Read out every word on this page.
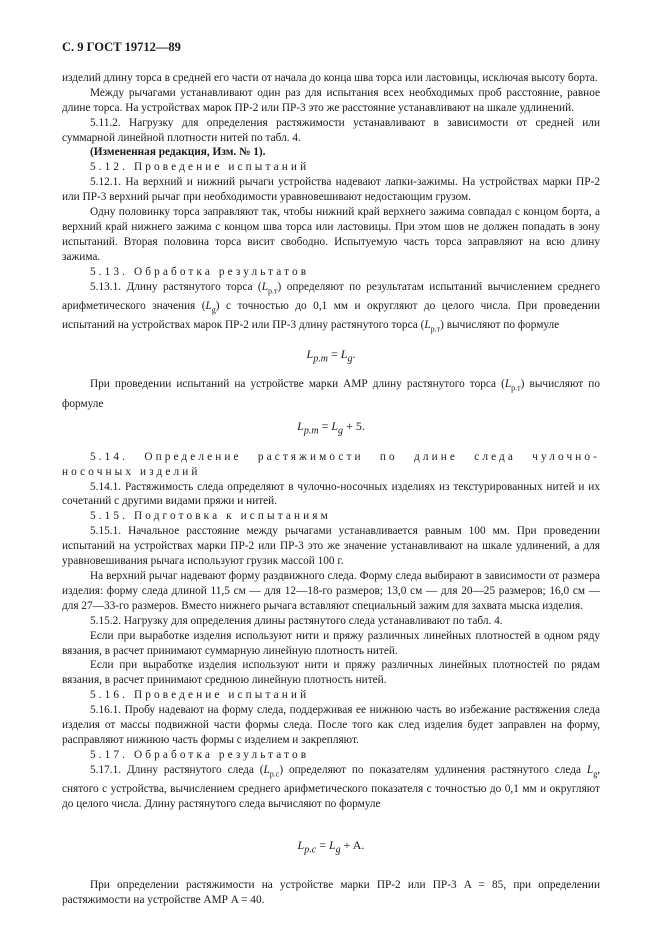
С. 9 ГОСТ 19712—89

изделий длину торса в средней его части от начала до конца шва торса или ластовицы, исключая высоту борта.

Между рычагами устанавливают один раз для испытания всех необходимых проб расстояние, равное длине торса. На устройствах марок ПР-2 или ПР-3 это же расстояние устанавливают на шкале удлинений.

5.11.2. Нагрузку для определения растяжимости устанавливают в зависимости от средней или суммарной линейной плотности нитей по табл. 4.

(Измененная редакция, Изм. № 1).

5.12. Проведение испытаний

5.12.1. На верхний и нижний рычаги устройства надевают лапки-зажимы. На устройствах марки ПР-2 или ПР-3 верхний рычаг при необходимости уравновешивают недостающим грузом.

Одну половинку торса заправляют так, чтобы нижний край верхнего зажима совпадал с концом борта, а верхний край нижнего зажима с концом шва торса или ластовицы. При этом шов не должен попадать в зону испытаний. Вторая половина торса висит свободно. Испытуемую часть торса заправляют на всю длину зажима.

5.13. Обработка результатов

5.13.1. Длину растянутого торса $(L_{р.т})$ определяют по результатам испытаний вычислением среднего арифметического значения $(L_g)$ с точностью до 0,1 мм и округляют до целого числа. При проведении испытаний на устройствах марок ПР-2 или ПР-3 длину растянутого торса $(L_{р.т})$ вычисляют по формуле

$L_{р.т} = L_g$.

При проведении испытаний на устройстве марки АМР длину растянутого торса $(L_{р.т})$ вычисляют по формуле

$L_{р.т} = L_g + 5$.

5.14. Определение растяжимости по длине следа чулочно-носочных изделий

5.14.1. Растяжимость следа определяют в чулочно-носочных изделиях из текстурированных нитей и их сочетаний с другими видами пряжи и нитей.

5.15. Подготовка к испытаниям

5.15.1. Начальное расстояние между рычагами устанавливается равным 100 мм. При проведении испытаний на устройствах марки ПР-2 или ПР-3 это же значение устанавливают на шкале удлинений, а для уравновешивания рычага используют грузик массой 100 г.

На верхний рычаг надевают форму раздвижного следа. Форму следа выбирают в зависимости от размера изделия: форму следа длиной 11,5 см — для 12—18-го размеров; 13,0 см — для 20—25 размеров; 16,0 см — для 27—33-го размеров. Вместо нижнего рычага вставляют специальный зажим для захвата мыска изделия.

5.15.2. Нагрузку для определения длины растянутого следа устанавливают по табл. 4.

Если при выработке изделия используют нити и пряжу различных линейных плотностей в одном ряду вязания, в расчет принимают суммарную линейную плотность нитей.

Если при выработке изделия используют нити и пряжу различных линейных плотностей по рядам вязания, в расчет принимают среднюю линейную плотность нитей.

5.16. Проведение испытаний

5.16.1. Пробу надевают на форму следа, поддерживая ее нижнюю часть во избежание растяжения следа изделия от массы подвижной части формы следа. После того как след изделия будет заправлен на форму, расправляют нижнюю часть формы с изделием и закрепляют.

5.17. Обработка результатов

5.17.1. Длину растянутого следа $(L_{р.с})$ определяют по показателям удлинения растянутого следа $L_g$, снятого с устройства, вычислением среднего арифметического показателя с точностью до 0,1 мм и округляют до целого числа. Длину растянутого следа вычисляют по формуле

$L_{р.с} = L_g + A$.

При определении растяжимости на устройстве марки ПР-2 или ПР-3 A = 85, при определении растяжимости на устройстве АМР A = 40.
